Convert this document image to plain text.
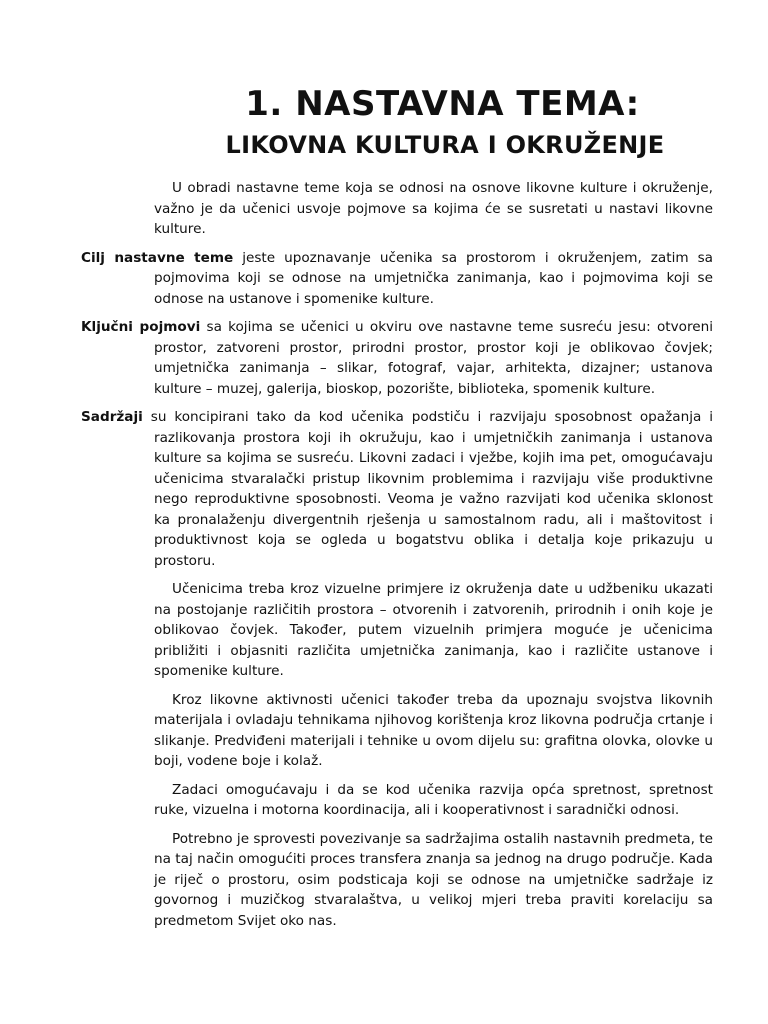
1. NASTAVNA TEMA:
LIKOVNA KULTURA I OKRUŽENJE

U obradi nastavne teme koja se odnosi na osnove likovne kulture i okruženje, važno je da učenici usvoje pojmove sa kojima će se susretati u nastavi likovne kulture.

Cilj nastavne teme jeste upoznavanje učenika sa prostorom i okruženjem, zatim sa pojmovima koji se odnose na umjetnička zanimanja, kao i pojmovima koji se odnose na ustanove i spomenike kulture.

Ključni pojmovi sa kojima se učenici u okviru ove nastavne teme susreću jesu: otvoreni prostor, zatvoreni prostor, prirodni prostor, prostor koji je oblikovao čovjek; umjetnička zanimanja – slikar, fotograf, vajar, arhitekta, dizajner; ustanova kulture – muzej, galerija, bioskop, pozorište, biblioteka, spomenik kulture.

Sadržaji su koncipirani tako da kod učenika podstiču i razvijaju sposobnost opažanja i razlikovanja prostora koji ih okružuju, kao i umjetničkih zanimanja i ustanova kulture sa kojima se susreću. Likovni zadaci i vježbe, kojih ima pet, omogućavaju učenicima stvaralački pristup likovnim problemima i razvijaju više produktivne nego reproduktivne sposobnosti. Veoma je važno razvijati kod učenika sklonost ka pronalaženju divergentnih rješenja u samostalnom radu, ali i maštovitost i produktivnost koja se ogleda u bogatstvu oblika i detalja koje prikazuju u prostoru.

Učenicima treba kroz vizuelne primjere iz okruženja date u udžbeniku ukazati na postojanje različitih prostora – otvorenih i zatvorenih, prirodnih i onih koje je oblikovao čovjek. Također, putem vizuelnih primjera moguće je učenicima približiti i objasniti različita umjetnička zanimanja, kao i različite ustanove i spomenike kulture.

Kroz likovne aktivnosti učenici također treba da upoznaju svojstva likovnih materijala i ovladaju tehnikama njihovog korištenja kroz likovna područja crtanje i slikanje. Predviđeni materijali i tehnike u ovom dijelu su: grafitna olovka, olovke u boji, vodene boje i kolaž.

Zadaci omogućavaju i da se kod učenika razvija opća spretnost, spretnost ruke, vizuelna i motorna koordinacija, ali i kooperativnost i saradnički odnosi.

Potrebno je sprovesti povezivanje sa sadržajima ostalih nastavnih predmeta, te na taj način omogućiti proces transfera znanja sa jednog na drugo područje. Kada je riječ o prostoru, osim podsticaja koji se odnose na umjetničke sadržaje iz govornog i muzičkog stvaralaštva, u velikoj mjeri treba praviti korelaciju sa predmetom Svijet oko nas.
